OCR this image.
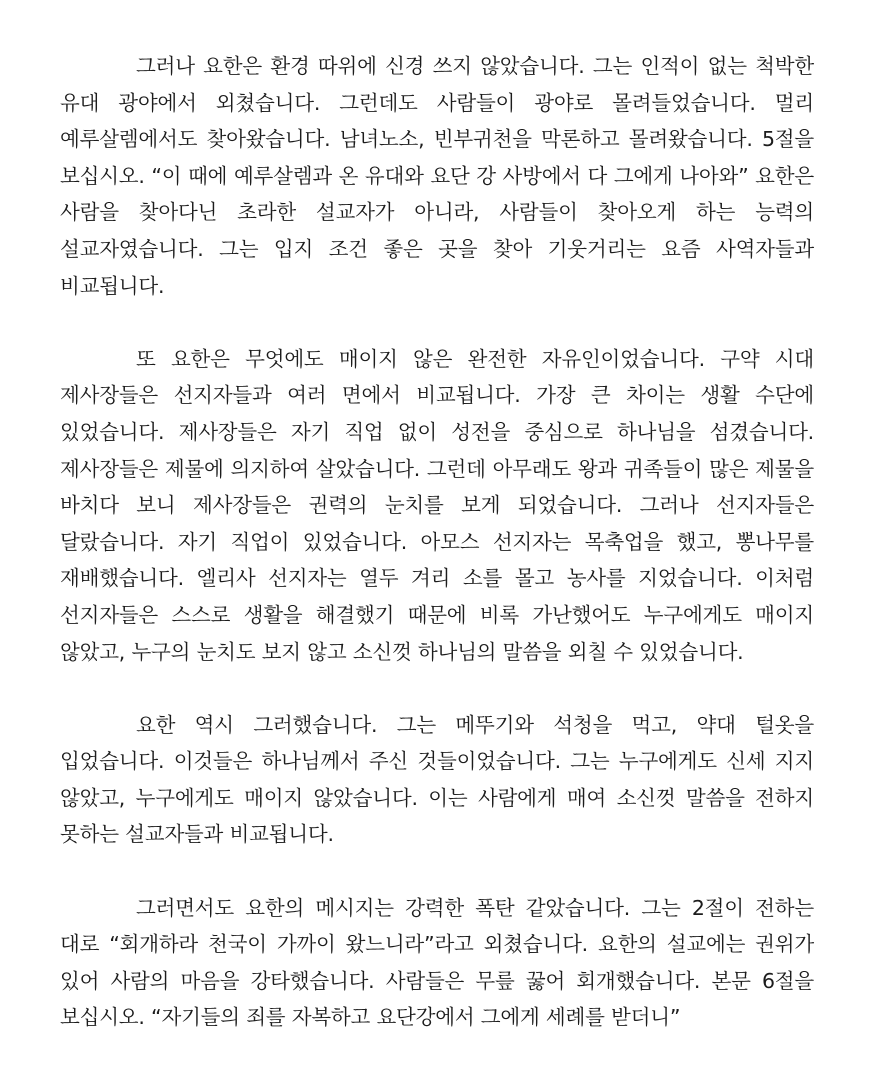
그러나 요한은 환경 따위에 신경 쓰지 않았습니다. 그는 인적이 없는 척박한 유대 광야에서 외쳤습니다. 그런데도 사람들이 광야로 몰려들었습니다. 멀리 예루살렘에서도 찾아왔습니다. 남녀노소, 빈부귀천을 막론하고 몰려왔습니다. 5절을 보십시오. “이 때에 예루살렘과 온 유대와 요단 강 사방에서 다 그에게 나아와” 요한은 사람을 찾아다닌 초라한 설교자가 아니라, 사람들이 찾아오게 하는 능력의 설교자였습니다. 그는 입지 조건 좋은 곳을 찾아 기웃거리는 요즘 사역자들과 비교됩니다.

또 요한은 무엇에도 매이지 않은 완전한 자유인이었습니다. 구약 시대 제사장들은 선지자들과 여러 면에서 비교됩니다. 가장 큰 차이는 생활 수단에 있었습니다. 제사장들은 자기 직업 없이 성전을 중심으로 하나님을 섬겼습니다. 제사장들은 제물에 의지하여 살았습니다. 그런데 아무래도 왕과 귀족들이 많은 제물을 바치다 보니 제사장들은 권력의 눈치를 보게 되었습니다. 그러나 선지자들은 달랐습니다. 자기 직업이 있었습니다. 아모스 선지자는 목축업을 했고, 뽕나무를 재배했습니다. 엘리사 선지자는 열두 겨리 소를 몰고 농사를 지었습니다. 이처럼 선지자들은 스스로 생활을 해결했기 때문에 비록 가난했어도 누구에게도 매이지 않았고, 누구의 눈치도 보지 않고 소신껏 하나님의 말씀을 외칠 수 있었습니다.

요한 역시 그러했습니다. 그는 메뚜기와 석청을 먹고, 약대 털옷을 입었습니다. 이것들은 하나님께서 주신 것들이었습니다. 그는 누구에게도 신세 지지 않았고, 누구에게도 매이지 않았습니다. 이는 사람에게 매여 소신껏 말씀을 전하지 못하는 설교자들과 비교됩니다.

그러면서도 요한의 메시지는 강력한 폭탄 같았습니다. 그는 2절이 전하는 대로 “회개하라 천국이 가까이 왔느니라”라고 외쳤습니다. 요한의 설교에는 권위가 있어 사람의 마음을 강타했습니다. 사람들은 무릎 꿇어 회개했습니다. 본문 6절을 보십시오. “자기들의 죄를 자복하고 요단강에서 그에게 세례를 받더니”
